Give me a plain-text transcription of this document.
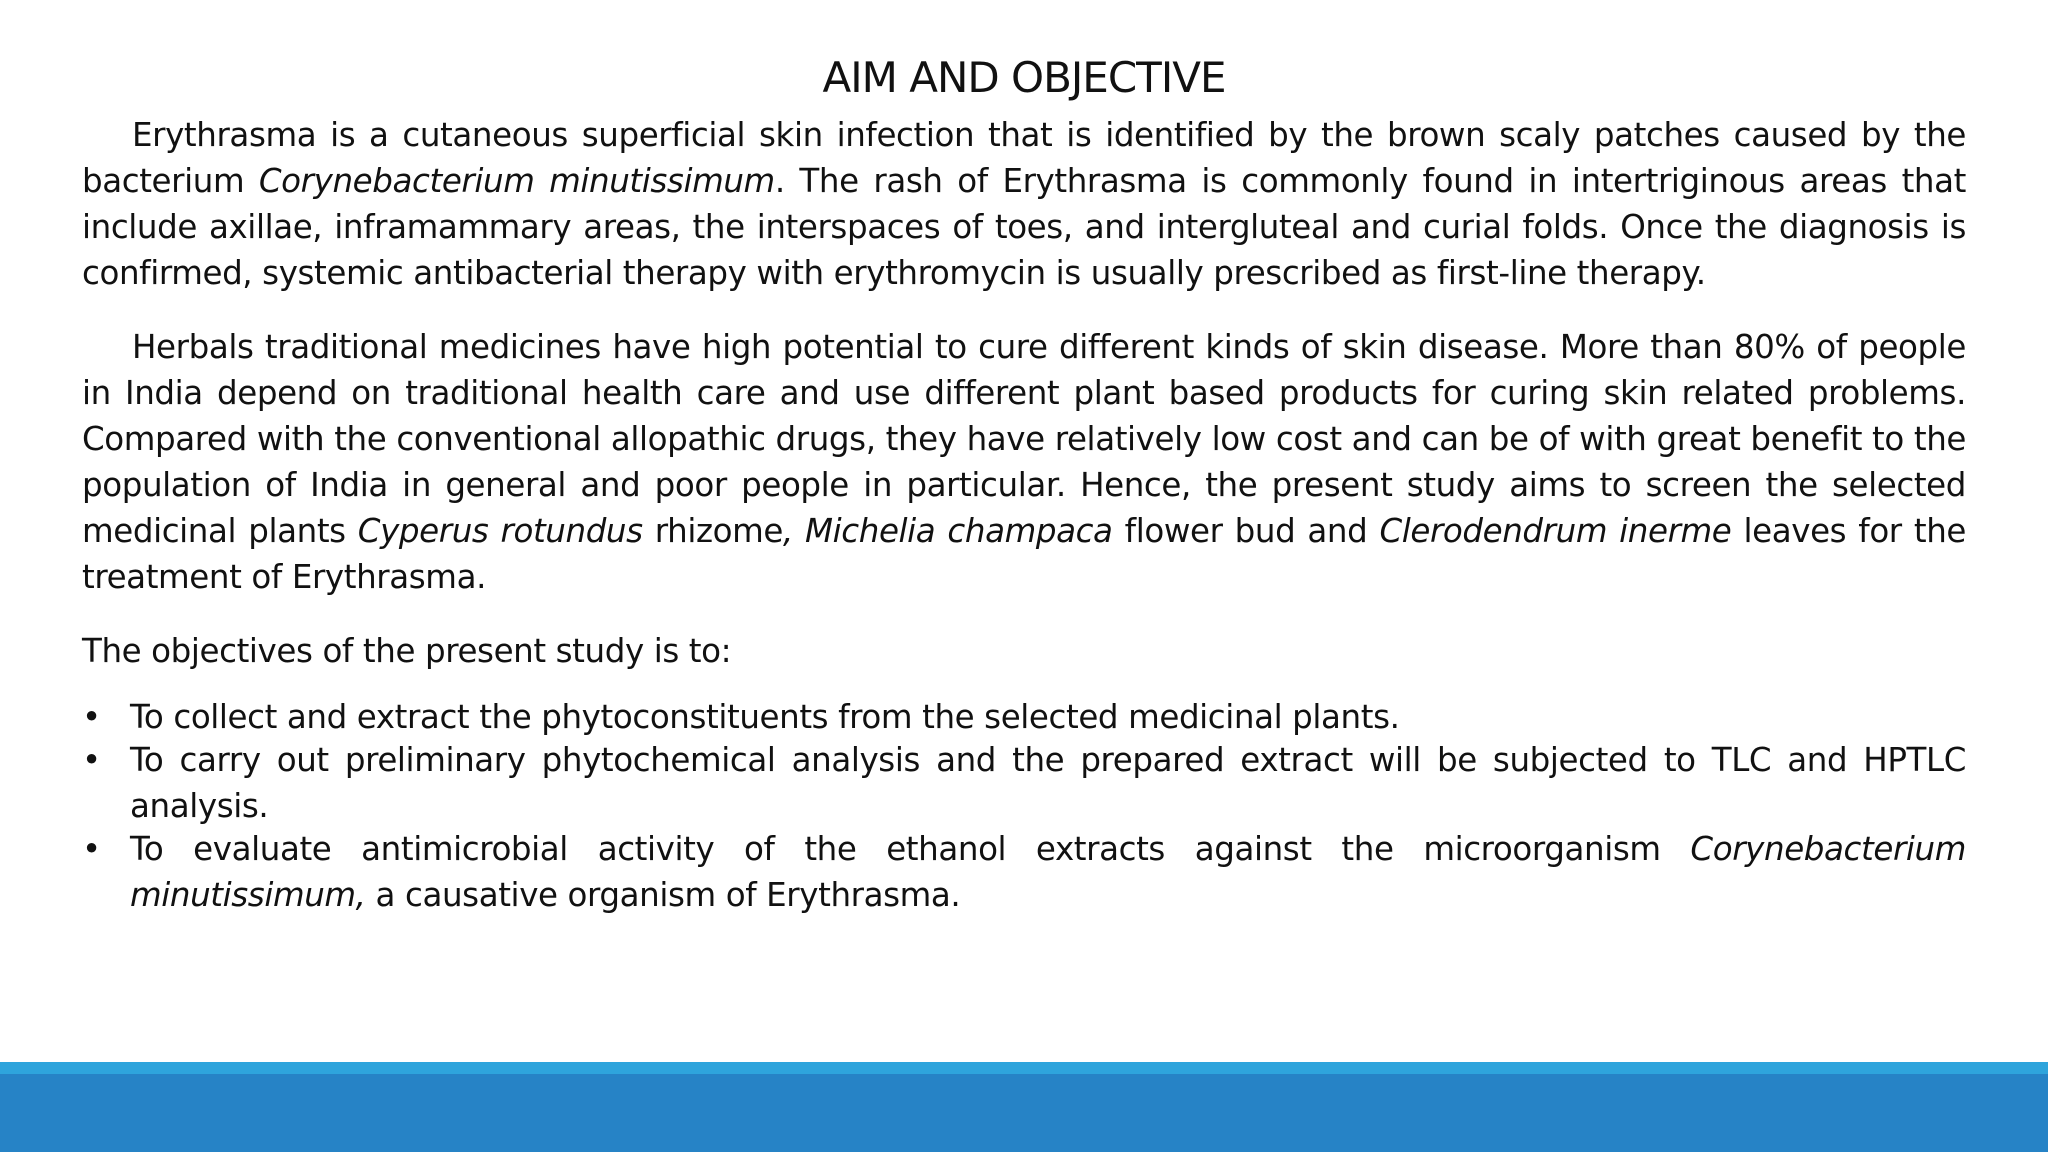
AIM AND OBJECTIVE

Erythrasma is a cutaneous superficial skin infection that is identified by the brown scaly patches caused by the bacterium Corynebacterium minutissimum. The rash of Erythrasma is commonly found in intertriginous areas that include axillae, inframammary areas, the interspaces of toes, and intergluteal and curial folds. Once the diagnosis is confirmed, systemic antibacterial therapy with erythromycin is usually prescribed as first-line therapy.

Herbals traditional medicines have high potential to cure different kinds of skin disease. More than 80% of people in India depend on traditional health care and use different plant based products for curing skin related problems. Compared with the conventional allopathic drugs, they have relatively low cost and can be of with great benefit to the population of India in general and poor people in particular. Hence, the present study aims to screen the selected medicinal plants Cyperus rotundus rhizome, Michelia champaca flower bud and Clerodendrum inerme leaves for the treatment of Erythrasma.

The objectives of the present study is to:

• To collect and extract the phytoconstituents from the selected medicinal plants.
• To carry out preliminary phytochemical analysis and the prepared extract will be subjected to TLC and HPTLC analysis.
• To evaluate antimicrobial activity of the ethanol extracts against the microorganism Corynebacterium minutissimum, a causative organism of Erythrasma.
